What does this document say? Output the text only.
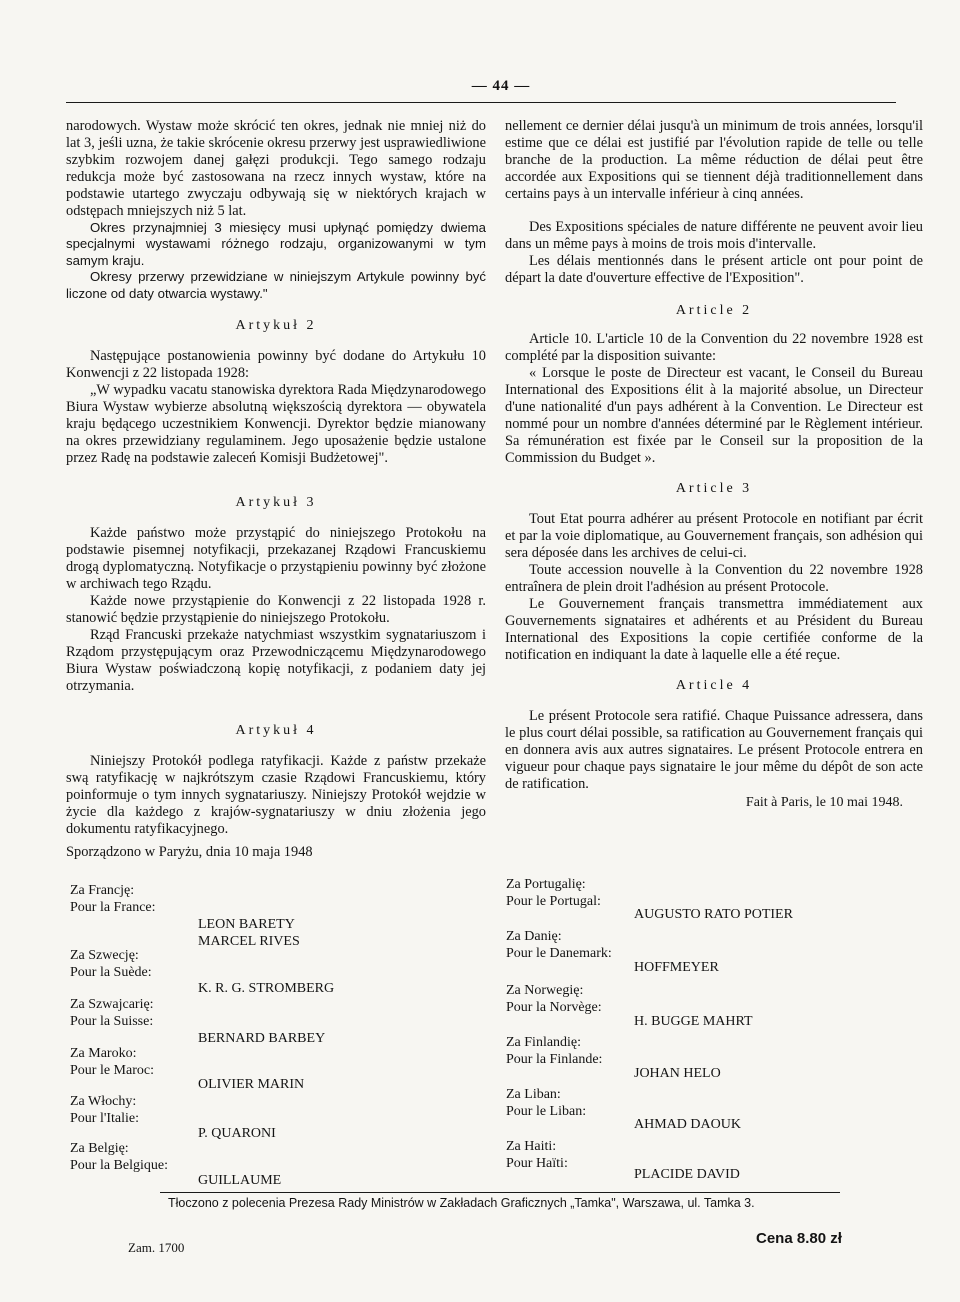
— 44 —

narodowych. Wystaw może skrócić ten okres, jednak nie mniej niż do lat 3, jeśli uzna, że takie skrócenie okresu przerwy jest usprawiedliwione szybkim rozwojem danej gałęzi produkcji. Tego samego rodzaju redukcja może być zastosowana na rzecz innych wystaw, które na podstawie utartego zwyczaju odbywają się w niektórych krajach w odstępach mniejszych niż 5 lat.

Okres przynajmniej 3 miesięcy musi upłynąć pomiędzy dwiema specjalnymi wystawami różnego rodzaju, organizowanymi w tym samym kraju.

Okresy przerwy przewidziane w niniejszym Artykule powinny być liczone od daty otwarcia wystawy."

Artykuł 2

Następujące postanowienia powinny być dodane do Artykułu 10 Konwencji z 22 listopada 1928:

„W wypadku vacatu stanowiska dyrektora Rada Międzynarodowego Biura Wystaw wybierze absolutną większością dyrektora — obywatela kraju będącego uczestnikiem Konwencji. Dyrektor będzie mianowany na okres przewidziany regulaminem. Jego uposażenie będzie ustalone przez Radę na podstawie zaleceń Komisji Budżetowej".

Artykuł 3

Każde państwo może przystąpić do niniejszego Protokołu na podstawie pisemnej notyfikacji, przekazanej Rządowi Francuskiemu drogą dyplomatyczną. Notyfikacje o przystąpieniu powinny być złożone w archiwach tego Rządu.

Każde nowe przystąpienie do Konwencji z 22 listopada 1928 r. stanowić będzie przystąpienie do niniejszego Protokołu.

Rząd Francuski przekaże natychmiast wszystkim sygnatariuszom i Rządom przystępującym oraz Przewodniczącemu Międzynarodowego Biura Wystaw poświadczoną kopię notyfikacji, z podaniem daty jej otrzymania.

Artykuł 4

Niniejszy Protokół podlega ratyfikacji. Każde z państw przekaże swą ratyfikację w najkrótszym czasie Rządowi Francuskiemu, który poinformuje o tym innych sygnatariuszy. Niniejszy Protokół wejdzie w życie dla każdego z krajów-sygnatariuszy w dniu złożenia jego dokumentu ratyfikacyjnego.

Sporządzono w Paryżu, dnia 10 maja 1948

nellement ce dernier délai jusqu'à un minimum de trois années, lorsqu'il estime que ce délai est justifié par l'évolution rapide de telle ou telle branche de la production. La même réduction de délai peut être accordée aux Expositions qui se tiennent déjà traditionnellement dans certains pays à un intervalle inférieur à cinq années.

Des Expositions spéciales de nature différente ne peuvent avoir lieu dans un même pays à moins de trois mois d'intervalle.

Les délais mentionnés dans le présent article ont pour point de départ la date d'ouverture effective de l'Exposition".

Article 2

Article 10. L'article 10 de la Convention du 22 novembre 1928 est complété par la disposition suivante:

« Lorsque le poste de Directeur est vacant, le Conseil du Bureau International des Expositions élit à la majorité absolue, un Directeur d'une nationalité d'un pays adhérent à la Convention. Le Directeur est nommé pour un nombre d'années déterminé par le Règlement intérieur. Sa rémunération est fixée par le Conseil sur la proposition de la Commission du Budget ».

Article 3

Tout Etat pourra adhérer au présent Protocole en notifiant par écrit et par la voie diplomatique, au Gouvernement français, son adhésion qui sera déposée dans les archives de celui-ci.

Toute accession nouvelle à la Convention du 22 novembre 1928 entraînera de plein droit l'adhésion au présent Protocole.

Le Gouvernement français transmettra immédiatement aux Gouvernements signataires et adhérents et au Président du Bureau International des Expositions la copie certifiée conforme de la notification en indiquant la date à laquelle elle a été reçue.

Article 4

Le présent Protocole sera ratifié. Chaque Puissance adressera, dans le plus court délai possible, sa ratification au Gouvernement français qui en donnera avis aux autres signataires. Le présent Protocole entrera en vigueur pour chaque pays signataire le jour même du dépôt de son acte de ratification.

Fait à Paris, le 10 mai 1948.

Za Francję:
Pour la France:
LEON BARETY
MARCEL RIVES
Za Szwecję:
Pour la Suède:
K. R. G. STROMBERG
Za Szwajcarię:
Pour la Suisse:
BERNARD BARBEY
Za Maroko:
Pour le Maroc:
OLIVIER MARIN
Za Włochy:
Pour l'Italie:
P. QUARONI
Za Belgię:
Pour la Belgique:
GUILLAUME
Za Portugalię:
Pour le Portugal:
AUGUSTO RATO POTIER
Za Danię:
Pour le Danemark:
HOFFMEYER
Za Norwegię:
Pour la Norvège:
H. BUGGE MAHRT
Za Finlandię:
Pour la Finlande:
JOHAN HELO
Za Liban:
Pour le Liban:
AHMAD DAOUK
Za Haiti:
Pour Haïti:
PLACIDE DAVID
Tłoczono z polecenia Prezesa Rady Ministrów w Zakładach Graficznych „Tamka", Warszawa, ul. Tamka 3.
Zam. 1700
Cena 8.80 zł
